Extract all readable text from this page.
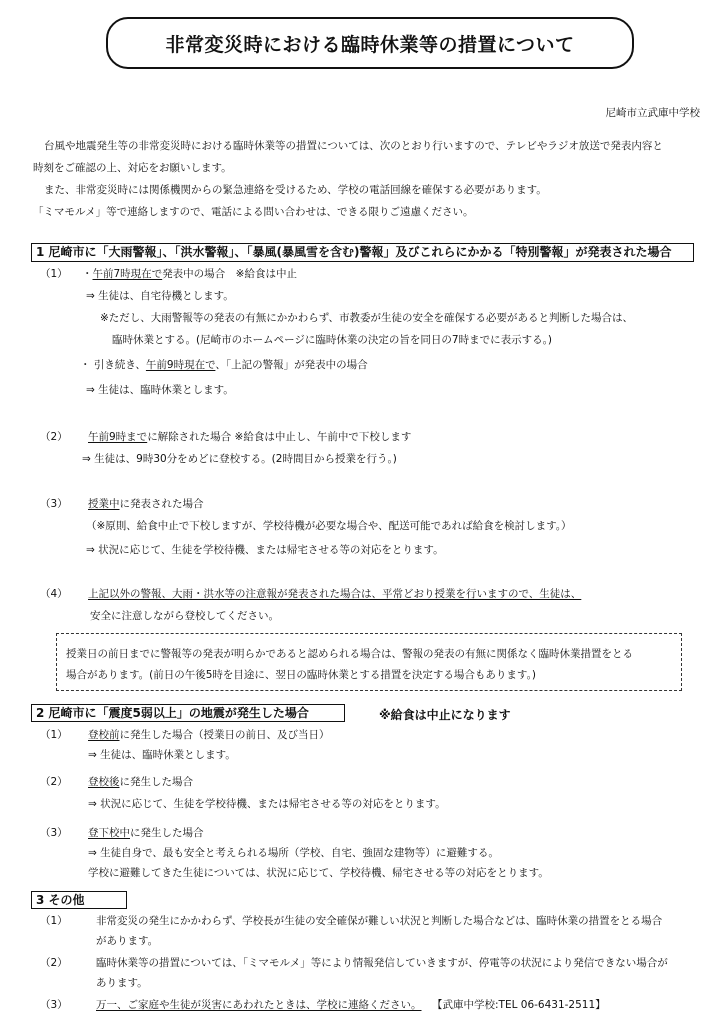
非常変災時における臨時休業等の措置について
尼崎市立武庫中学校
台風や地震発生等の非常変災時における臨時休業等の措置については、次のとおり行いますので、テレビやラジオ放送で発表内容と
時刻をご確認の上、対応をお願いします。
また、非常変災時には関係機関からの緊急連絡を受けるため、学校の電話回線を確保する必要があります。
「ミマモルメ」等で連絡しますので、電話による問い合わせは、できる限りご遠慮ください。
1 尼崎市に「大雨警報」、「洪水警報」、「暴風(暴風雪を含む)警報」及びこれらにかかる「特別警報」が発表された場合
（1） ・午前7時現在で発表中の場合　※給食は中止
⇒ 生徒は、自宅待機とします。
※ただし、大雨警報等の発表の有無にかかわらず、市教委が生徒の安全を確保する必要があると判断した場合は、
臨時休業とする。(尼崎市のホームページに臨時休業の決定の旨を同日の7時までに表示する。)
・ 引き続き、午前9時現在で、「上記の警報」が発表中の場合
⇒ 生徒は、臨時休業とします。
（2） 午前9時までに解除された場合 ※給食は中止し、午前中で下校します
⇒ 生徒は、9時30分をめどに登校する。(2時間目から授業を行う。)
（3） 授業中に発表された場合
（※原則、給食中止で下校しますが、学校待機が必要な場合や、配送可能であれば給食を検討します。）
⇒ 状況に応じて、生徒を学校待機、または帰宅させる等の対応をとります。
（4） 上記以外の警報、大雨・洪水等の注意報が発表された場合は、平常どおり授業を行いますので、生徒は、
安全に注意しながら登校してください。
授業日の前日までに警報等の発表が明らかであると認められる場合は、警報の発表の有無に関係なく臨時休業措置をとる
場合があります。(前日の午後5時を目途に、翌日の臨時休業とする措置を決定する場合もあります。)
2 尼崎市に「震度5弱以上」の地震が発生した場合	※給食は中止になります
（1） 登校前に発生した場合（授業日の前日、及び当日）
⇒ 生徒は、臨時休業とします。
（2） 登校後に発生した場合
⇒ 状況に応じて、生徒を学校待機、または帰宅させる等の対応をとります。
（3） 登下校中に発生した場合
⇒ 生徒自身で、最も安全と考えられる場所（学校、自宅、強固な建物等）に避難する。
学校に避難してきた生徒については、状況に応じて、学校待機、帰宅させる等の対応をとります。
3 その他
（1）	非常変災の発生にかかわらず、学校長が生徒の安全確保が難しい状況と判断した場合などは、臨時休業の措置をとる場合
があります。
（2）	臨時休業等の措置については、「ミマモルメ」等により情報発信していきますが、停電等の状況により発信できない場合が
あります。
（3）	万一、ご家庭や生徒が災害にあわれたときは、学校に連絡ください。 【武庫中学校:TEL 06-6431-2511】
